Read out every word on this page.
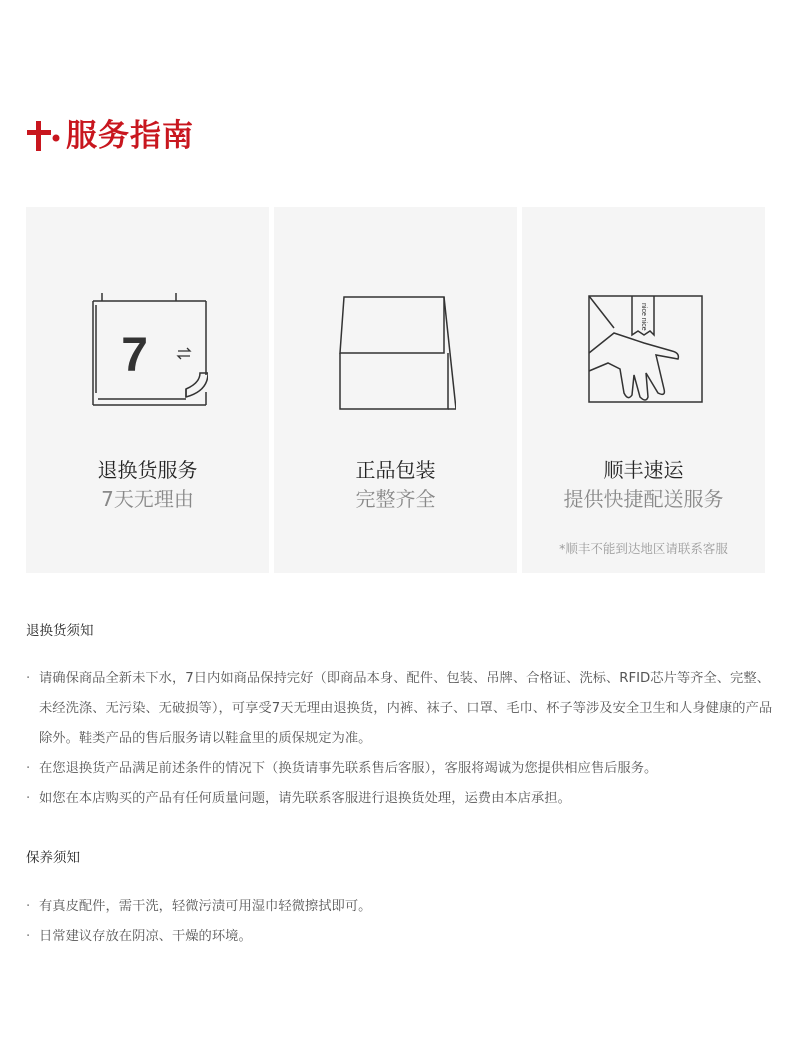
服务指南
7
退换货服务
7天无理由
正品包装
完整齐全
nice nice
顺丰速运
提供快捷配送服务
*顺丰不能到达地区请联系客服
退换货须知
· 请确保商品全新未下水，7日内如商品保持完好（即商品本身、配件、包装、吊牌、合格证、洗标、RFID芯片等齐全、完整、未经洗涤、无污染、无破损等），可享受7天无理由退换货，内裤、袜子、口罩、毛巾、杯子等涉及安全卫生和人身健康的产品除外。鞋类产品的售后服务请以鞋盒里的质保规定为准。
· 在您退换货产品满足前述条件的情况下（换货请事先联系售后客服），客服将竭诚为您提供相应售后服务。
· 如您在本店购买的产品有任何质量问题，请先联系客服进行退换货处理，运费由本店承担。
保养须知
· 有真皮配件，需干洗，轻微污渍可用湿巾轻微擦拭即可。
· 日常建议存放在阴凉、干燥的环境。
